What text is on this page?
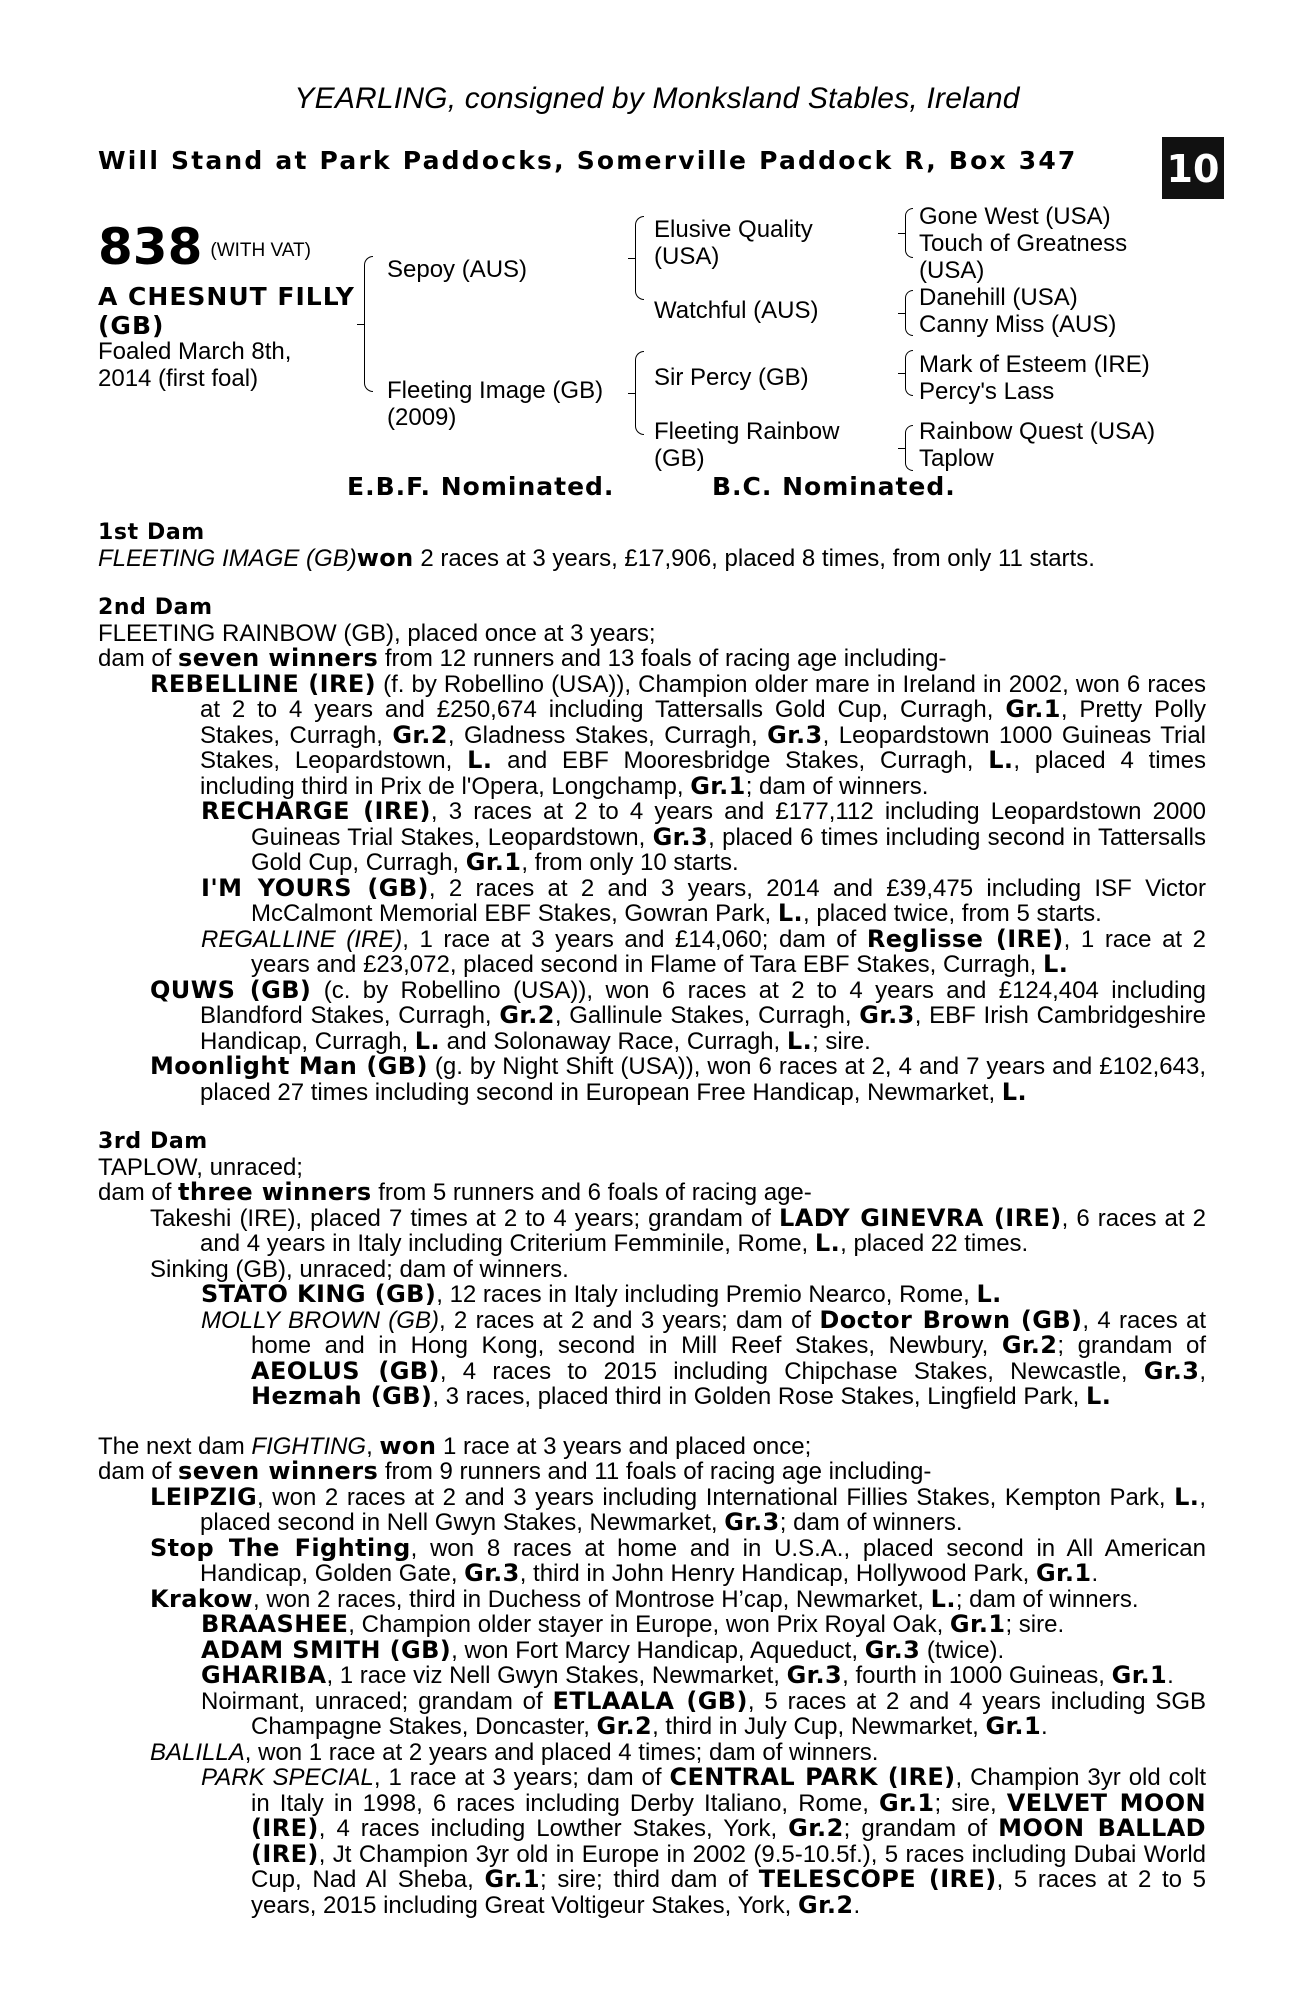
YEARLING, consigned by Monksland Stables, Ireland
Will Stand at Park Paddocks, Somerville Paddock R, Box 347
+
10
838 (WITH VAT)
A CHESNUT FILLY (GB)
Foaled March 8th, 2014 (first foal)
Sepoy (AUS)
Fleeting Image (GB) (2009)
Elusive Quality (USA)
Watchful (AUS)
Sir Percy (GB)
Fleeting Rainbow (GB)
Gone West (USA)
Touch of Greatness (USA)
Danehill (USA)
Canny Miss (AUS)
Mark of Esteem (IRE)
Percy's Lass
Rainbow Quest (USA)
Taplow
E.B.F. Nominated.	B.C. Nominated.
1st Dam

FLEETING IMAGE (GB)won 2 races at 3 years, £17,906, placed 8 times, from only 11 starts.

2nd Dam

FLEETING RAINBOW (GB), placed once at 3 years;

dam of seven winners from 12 runners and 13 foals of racing age including-

REBELLINE (IRE) (f. by Robellino (USA)), Champion older mare in Ireland in 2002, won 6 races at 2 to 4 years and £250,674 including Tattersalls Gold Cup, Curragh, Gr.1, Pretty Polly Stakes, Curragh, Gr.2, Gladness Stakes, Curragh, Gr.3, Leopardstown 1000 Guineas Trial Stakes, Leopardstown, L. and EBF Mooresbridge Stakes, Curragh, L., placed 4 times including third in Prix de l'Opera, Longchamp, Gr.1; dam of winners.

RECHARGE (IRE), 3 races at 2 to 4 years and £177,112 including Leopardstown 2000 Guineas Trial Stakes, Leopardstown, Gr.3, placed 6 times including second in Tattersalls Gold Cup, Curragh, Gr.1, from only 10 starts.

I'M YOURS (GB), 2 races at 2 and 3 years, 2014 and £39,475 including ISF Victor McCalmont Memorial EBF Stakes, Gowran Park, L., placed twice, from 5 starts.

REGALLINE (IRE), 1 race at 3 years and £14,060; dam of Reglisse (IRE), 1 race at 2 years and £23,072, placed second in Flame of Tara EBF Stakes, Curragh, L.

QUWS (GB) (c. by Robellino (USA)), won 6 races at 2 to 4 years and £124,404 including Blandford Stakes, Curragh, Gr.2, Gallinule Stakes, Curragh, Gr.3, EBF Irish Cambridgeshire Handicap, Curragh, L. and Solonaway Race, Curragh, L.; sire.

Moonlight Man (GB) (g. by Night Shift (USA)), won 6 races at 2, 4 and 7 years and £102,643, placed 27 times including second in European Free Handicap, Newmarket, L.

3rd Dam

TAPLOW, unraced;

dam of three winners from 5 runners and 6 foals of racing age-

Takeshi (IRE), placed 7 times at 2 to 4 years; grandam of LADY GINEVRA (IRE), 6 races at 2 and 4 years in Italy including Criterium Femminile, Rome, L., placed 22 times.

Sinking (GB), unraced; dam of winners.

STATO KING (GB), 12 races in Italy including Premio Nearco, Rome, L.

MOLLY BROWN (GB), 2 races at 2 and 3 years; dam of Doctor Brown (GB), 4 races at home and in Hong Kong, second in Mill Reef Stakes, Newbury, Gr.2; grandam of AEOLUS (GB), 4 races to 2015 including Chipchase Stakes, Newcastle, Gr.3, Hezmah (GB), 3 races, placed third in Golden Rose Stakes, Lingfield Park, L.

The next dam FIGHTING, won 1 race at 3 years and placed once;

dam of seven winners from 9 runners and 11 foals of racing age including-

LEIPZIG, won 2 races at 2 and 3 years including International Fillies Stakes, Kempton Park, L., placed second in Nell Gwyn Stakes, Newmarket, Gr.3; dam of winners.

Stop The Fighting, won 8 races at home and in U.S.A., placed second in All American Handicap, Golden Gate, Gr.3, third in John Henry Handicap, Hollywood Park, Gr.1.

Krakow, won 2 races, third in Duchess of Montrose H’cap, Newmarket, L.; dam of winners.

BRAASHEE, Champion older stayer in Europe, won Prix Royal Oak, Gr.1; sire.

ADAM SMITH (GB), won Fort Marcy Handicap, Aqueduct, Gr.3 (twice).

GHARIBA, 1 race viz Nell Gwyn Stakes, Newmarket, Gr.3, fourth in 1000 Guineas, Gr.1.

Noirmant, unraced; grandam of ETLAALA (GB), 5 races at 2 and 4 years including SGB Champagne Stakes, Doncaster, Gr.2, third in July Cup, Newmarket, Gr.1.

BALILLA, won 1 race at 2 years and placed 4 times; dam of winners.

PARK SPECIAL, 1 race at 3 years; dam of CENTRAL PARK (IRE), Champion 3yr old colt in Italy in 1998, 6 races including Derby Italiano, Rome, Gr.1; sire, VELVET MOON (IRE), 4 races including Lowther Stakes, York, Gr.2; grandam of MOON BALLAD (IRE), Jt Champion 3yr old in Europe in 2002 (9.5-10.5f.), 5 races including Dubai World Cup, Nad Al Sheba, Gr.1; sire; third dam of TELESCOPE (IRE), 5 races at 2 to 5 years, 2015 including Great Voltigeur Stakes, York, Gr.2.
